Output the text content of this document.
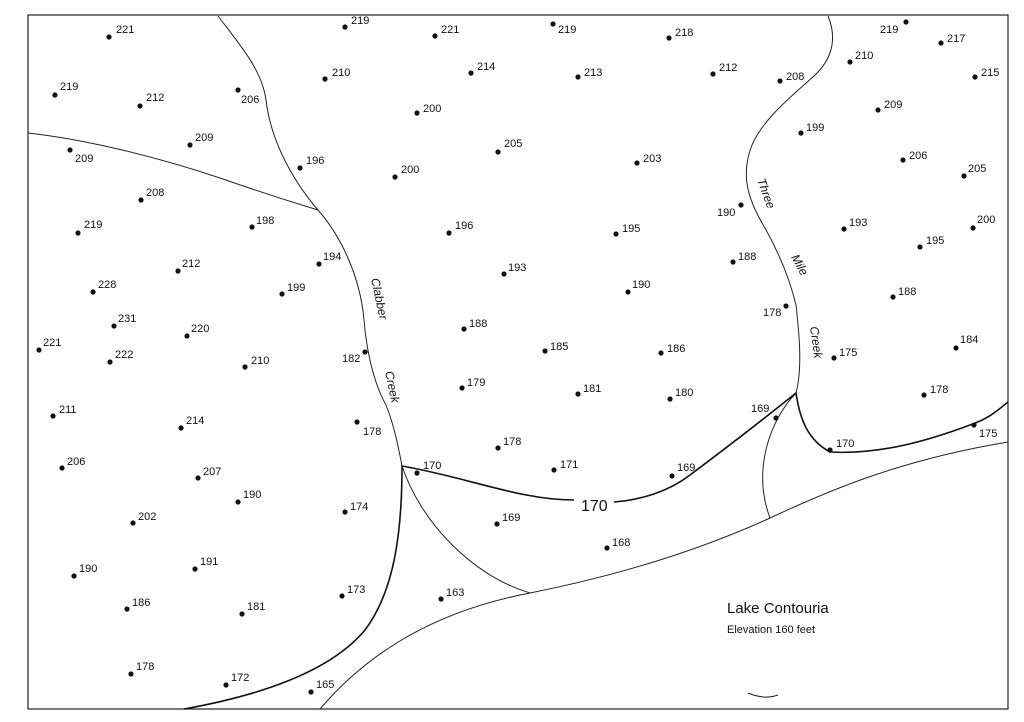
170
Clabber
Creek
Three
Mile
Creek
Lake Contouria
Elevation 160 feet
221
219
221	219	218	219
217
219
212	206
210	214	213	212
208
210
215
209
200
209
205
203
199
209
206
205
196
200
208
190
198
219	196	195	193	200
195
194
212	193
188
228	199	190
188
231
220	188
178
182
185	186	175
184
221
222	210
179	181	180	178
211
214
178
169
206
170
175
178
171
170	169
207
190
174
202	169
168
190
191
173	163
186	181
178
172
165
